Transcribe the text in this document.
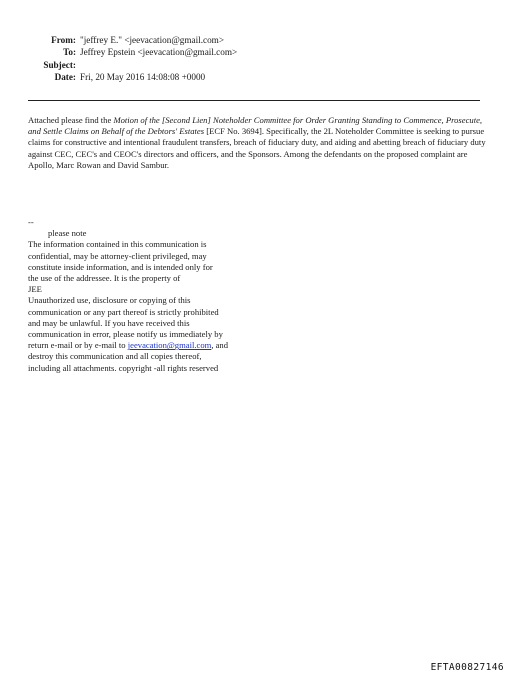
From: "jeffrey E." <jeevacation@gmail.com>
To: Jeffrey Epstein <jeevacation@gmail.com>
Subject:
Date: Fri, 20 May 2016 14:08:08 +0000
Attached please find the Motion of the [Second Lien] Noteholder Committee for Order Granting Standing to Commence, Prosecute, and Settle Claims on Behalf of the Debtors' Estates [ECF No. 3694]. Specifically, the 2L Noteholder Committee is seeking to pursue claims for constructive and intentional fraudulent transfers, breach of fiduciary duty, and aiding and abetting breach of fiduciary duty against CEC, CEC's and CEOC's directors and officers, and the Sponsors. Among the defendants on the proposed complaint are Apollo, Marc Rowan and David Sambur.
--
please note
The information contained in this communication is
confidential, may be attorney-client privileged, may
constitute inside information, and is intended only for
the use of the addressee. It is the property of
JEE
Unauthorized use, disclosure or copying of this
communication or any part thereof is strictly prohibited
and may be unlawful. If you have received this
communication in error, please notify us immediately by
return e-mail or by e-mail to jeevacation@gmail.com, and
destroy this communication and all copies thereof,
including all attachments. copyright -all rights reserved
EFTA00827146
